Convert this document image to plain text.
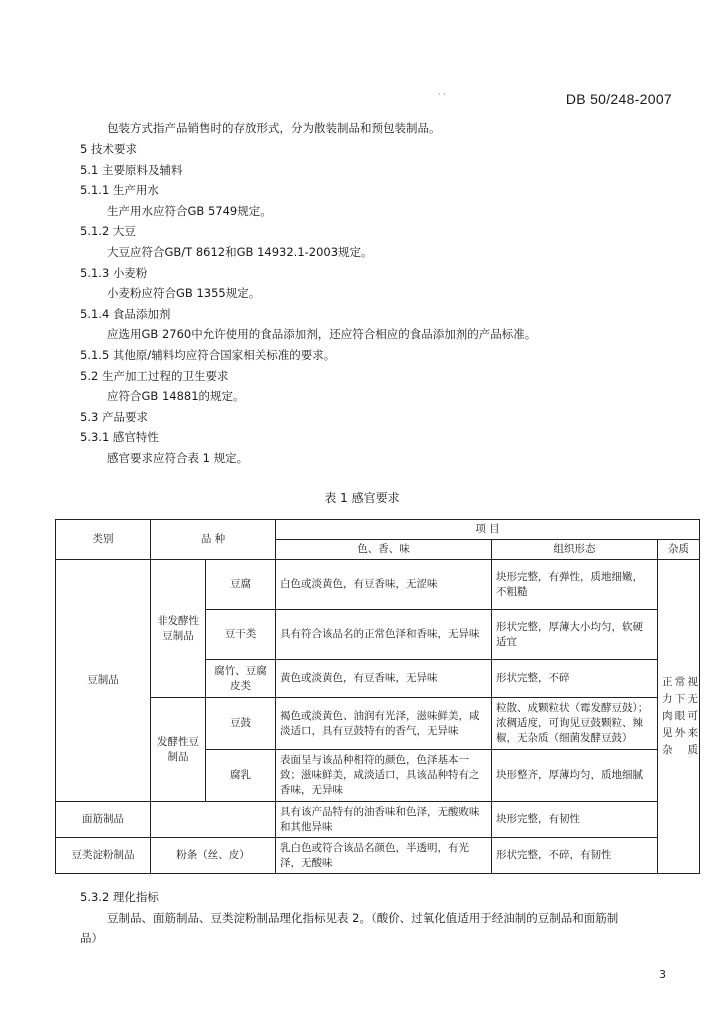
· ·	DB 50/248-2007
包装方式指产品销售时的存放形式，分为散装制品和预包装制品。
5 技术要求
5.1 主要原料及辅料
5.1.1 生产用水
生产用水应符合GB 5749规定。
5.1.2 大豆
大豆应符合GB/T 8612和GB 14932.1-2003规定。
5.1.3 小麦粉
小麦粉应符合GB 1355规定。
5.1.4 食品添加剂
应选用GB 2760中允许使用的食品添加剂，还应符合相应的食品添加剂的产品标准。
5.1.5 其他原/辅料均应符合国家相关标准的要求。
5.2 生产加工过程的卫生要求
应符合GB 14881的规定。
5.3 产品要求
5.3.1 感官特性
感官要求应符合表 1 规定。
表 1 感官要求
类别	品 种		项 目		
			色、香、味	组织形态	杂质
豆制品	非发酵性豆制品	豆腐	白色或淡黄色，有豆香味，无涩味	块形完整，有弹性，质地细嫩，不粗糙	正常视力下无肉眼可见外来杂质
		豆干类	具有符合该品名的正常色泽和香味，无异味	形状完整，厚薄大小均匀，软硬适宜	
		腐竹、豆腐皮类	黄色或淡黄色，有豆香味，无异味	形状完整，不碎	
	发酵性豆制品	豆鼓	褐色或淡黄色、油润有光泽，滋味鲜美，咸淡适口，具有豆鼓特有的香气，无异味	粒散、成颗粒状（霉发酵豆鼓）；浓稠适度，可询见豆鼓颗粒、辣椒，无杂质（细菌发酵豆鼓）	
		腐乳	表面呈与该品种相符的颜色，色泽基本一致；滋味鲜美，咸淡适口，具该品种特有之香味，无异味	块形整齐，厚薄均匀，质地细腻	
面筋制品			具有该产品特有的油香味和色泽，无酸败味和其他异味	块形完整，有韧性	
豆类淀粉制品	粉条（丝、皮）		乳白色或符合该品名颜色，半透明，有光泽，无酸味	形状完整，不碎，有韧性	
5.3.2 理化指标
豆制品、面筋制品、豆类淀粉制品理化指标见表 2。（酸价、过氧化值适用于经油制的豆制品和面筋制
品）
3
